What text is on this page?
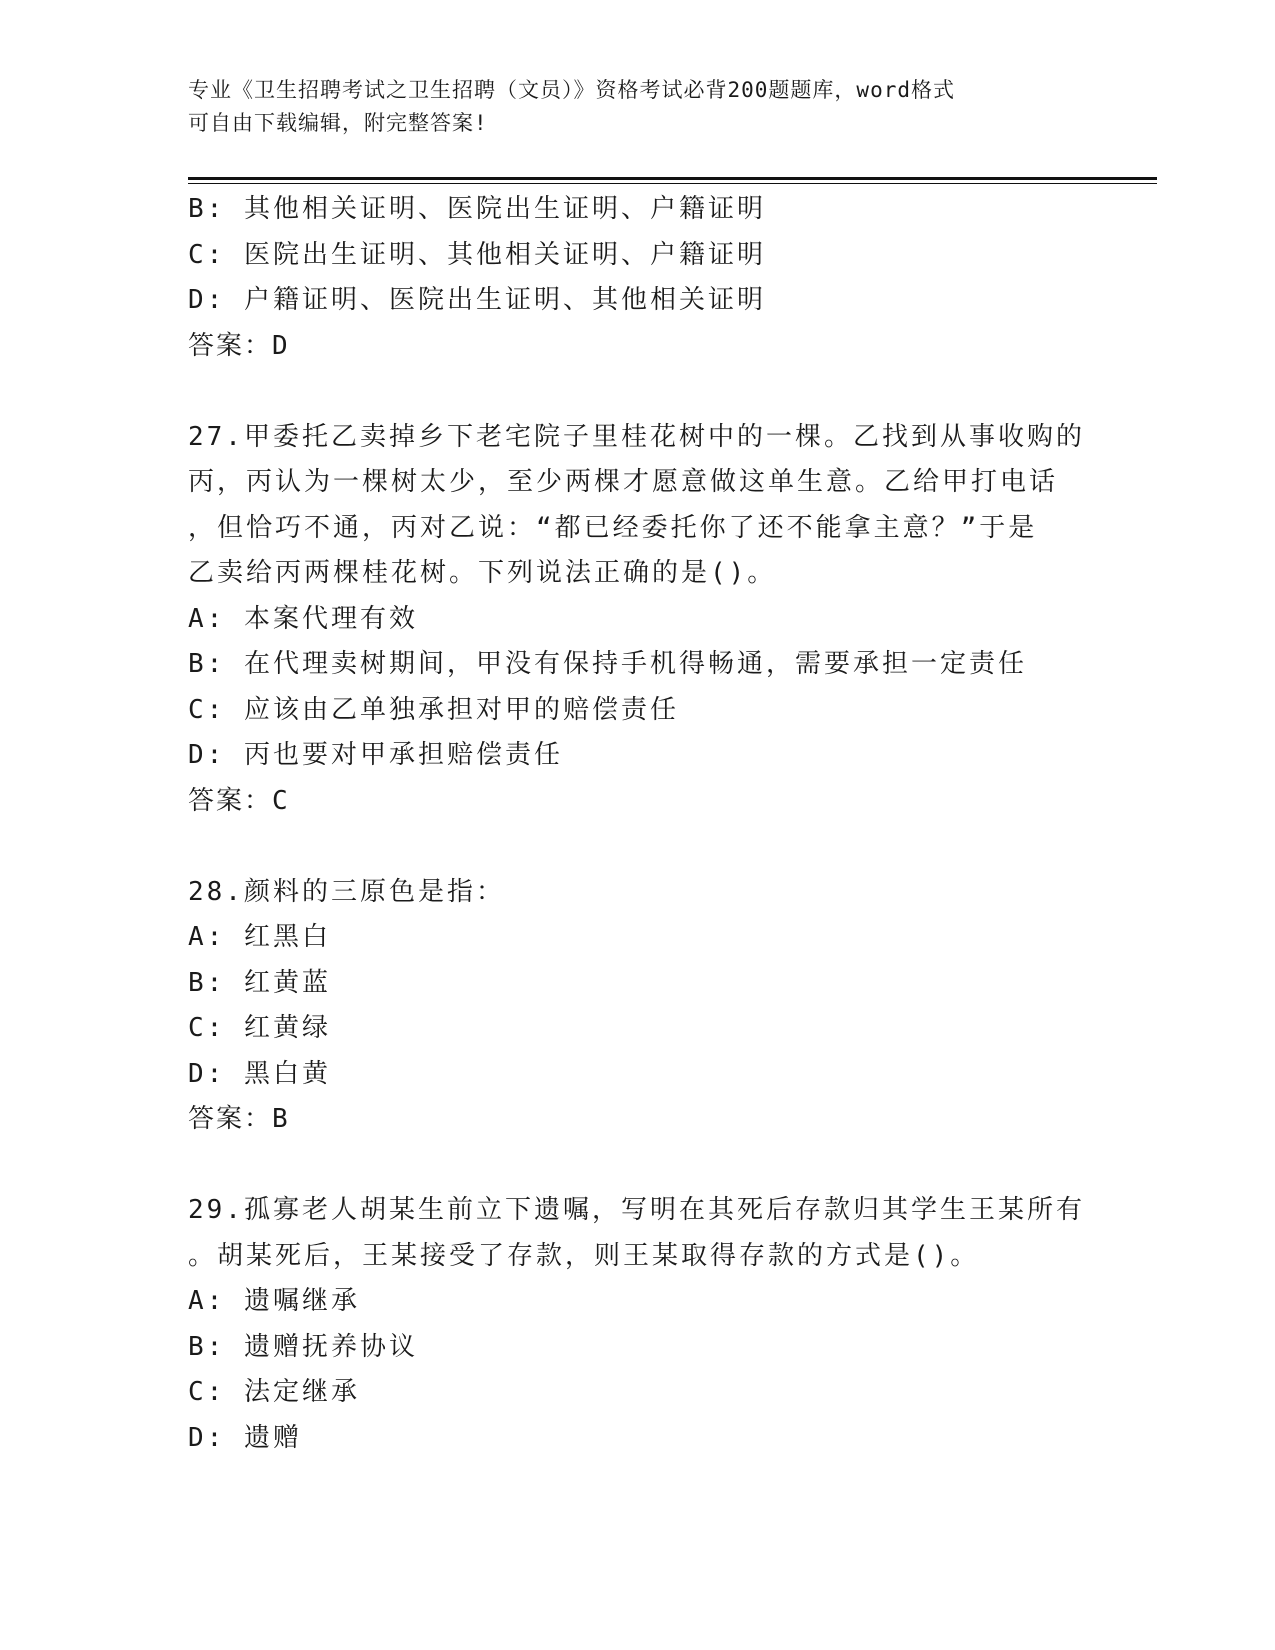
专业《卫生招聘考试之卫生招聘（文员）》资格考试必背200题题库，word格式
可自由下载编辑，附完整答案!
B: 其他相关证明、医院出生证明、户籍证明
C: 医院出生证明、其他相关证明、户籍证明
D: 户籍证明、医院出生证明、其他相关证明
答案：D
27.甲委托乙卖掉乡下老宅院子里桂花树中的一棵。乙找到从事收购的
丙，丙认为一棵树太少，至少两棵才愿意做这单生意。乙给甲打电话
，但恰巧不通，丙对乙说：“都已经委托你了还不能拿主意？”于是
乙卖给丙两棵桂花树。下列说法正确的是()。
A: 本案代理有效
B: 在代理卖树期间，甲没有保持手机得畅通，需要承担一定责任
C: 应该由乙单独承担对甲的赔偿责任
D: 丙也要对甲承担赔偿责任
答案：C
28.颜料的三原色是指：
A: 红黑白
B: 红黄蓝
C: 红黄绿
D: 黑白黄
答案：B
29.孤寡老人胡某生前立下遗嘱，写明在其死后存款归其学生王某所有
。胡某死后，王某接受了存款，则王某取得存款的方式是()。
A: 遗嘱继承
B: 遗赠抚养协议
C: 法定继承
D: 遗赠
